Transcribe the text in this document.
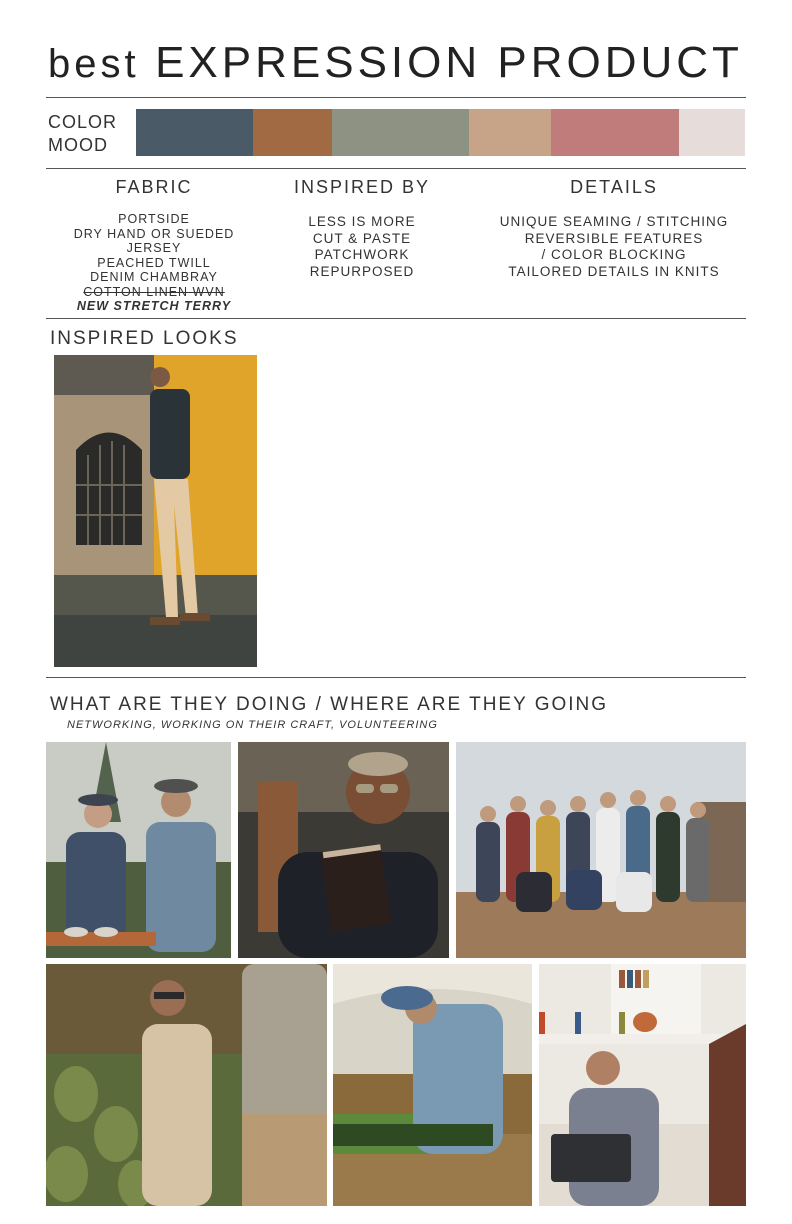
best EXPRESSION PRODUCT
COLOR
MOOD
FABRIC
PORTSIDE
DRY HAND OR SUEDED
JERSEY
PEACHED TWILL
DENIM CHAMBRAY
COTTON LINEN WVN
NEW STRETCH TERRY
INSPIRED BY
LESS IS MORE
CUT & PASTE
PATCHWORK
REPURPOSED
DETAILS
UNIQUE SEAMING / STITCHING
REVERSIBLE FEATURES
/ COLOR BLOCKING
TAILORED DETAILS IN KNITS
INSPIRED LOOKS
WHAT ARE THEY DOING / WHERE ARE THEY GOING
NETWORKING, WORKING ON THEIR CRAFT, VOLUNTEERING
